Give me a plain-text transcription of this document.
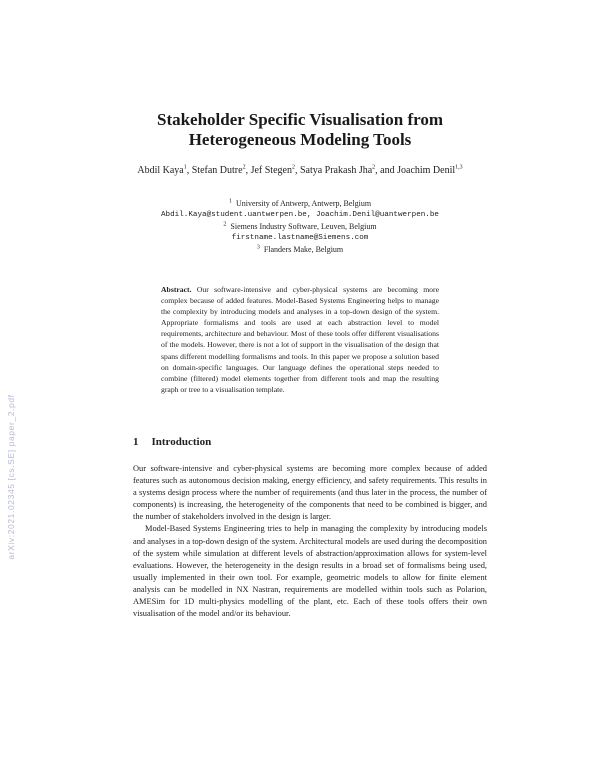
arXiv:2021.02345 [cs.SE] paper_2.pdf
Stakeholder Specific Visualisation from
Heterogeneous Modeling Tools
Abdil Kaya$^1$, Stefan Dutre$^2$, Jef Stegen$^2$, Satya Prakash Jha$^2$, and Joachim Denil$^{1,3}$
$^1$ University of Antwerp, Antwerp, Belgium
Abdil.Kaya@student.uantwerpen.be, Joachim.Denil@uantwerpen.be
$^2$ Siemens Industry Software, Leuven, Belgium
firstname.lastname@Siemens.com
$^3$ Flanders Make, Belgium

Abstract. Our software-intensive and cyber-physical systems are becoming more complex because of added features. Model-Based Systems Engineering helps to manage the complexity by introducing models and analyses in a top-down design of the system. Appropriate formalisms and tools are used at each abstraction level to model requirements, architecture and behaviour. Most of these tools offer different visualisations of the models. However, there is not a lot of support in the visualisation of the design that spans different modelling formalisms and tools. In this paper we propose a solution based on domain-specific languages. Our language defines the operational steps needed to combine (filtered) model elements together from different tools and map the resulting graph or tree to a visualisation template.

1 Introduction

Our software-intensive and cyber-physical systems are becoming more complex because of added features such as autonomous decision making, energy efficiency, and safety requirements. This results in a systems design process where the number of requirements (and thus later in the process, the number of components) is increasing, the heterogeneity of the components that need to be combined is bigger, and the number of stakeholders involved in the design is larger.

Model-Based Systems Engineering tries to help in managing the complexity by introducing models and analyses in a top-down design of the system. Architectural models are used during the decomposition of the system while simulation at different levels of abstraction/approximation allows for system-level evaluations. However, the heterogeneity in the design results in a broad set of formalisms being used, usually implemented in their own tool. For example, geometric models to allow for finite element analysis can be modelled in NX Nastran, requirements are modelled within tools such as Polarion, AMESim for 1D multi-physics modelling of the plant, etc. Each of these tools offers their own visualisation of the model and/or its behaviour.
